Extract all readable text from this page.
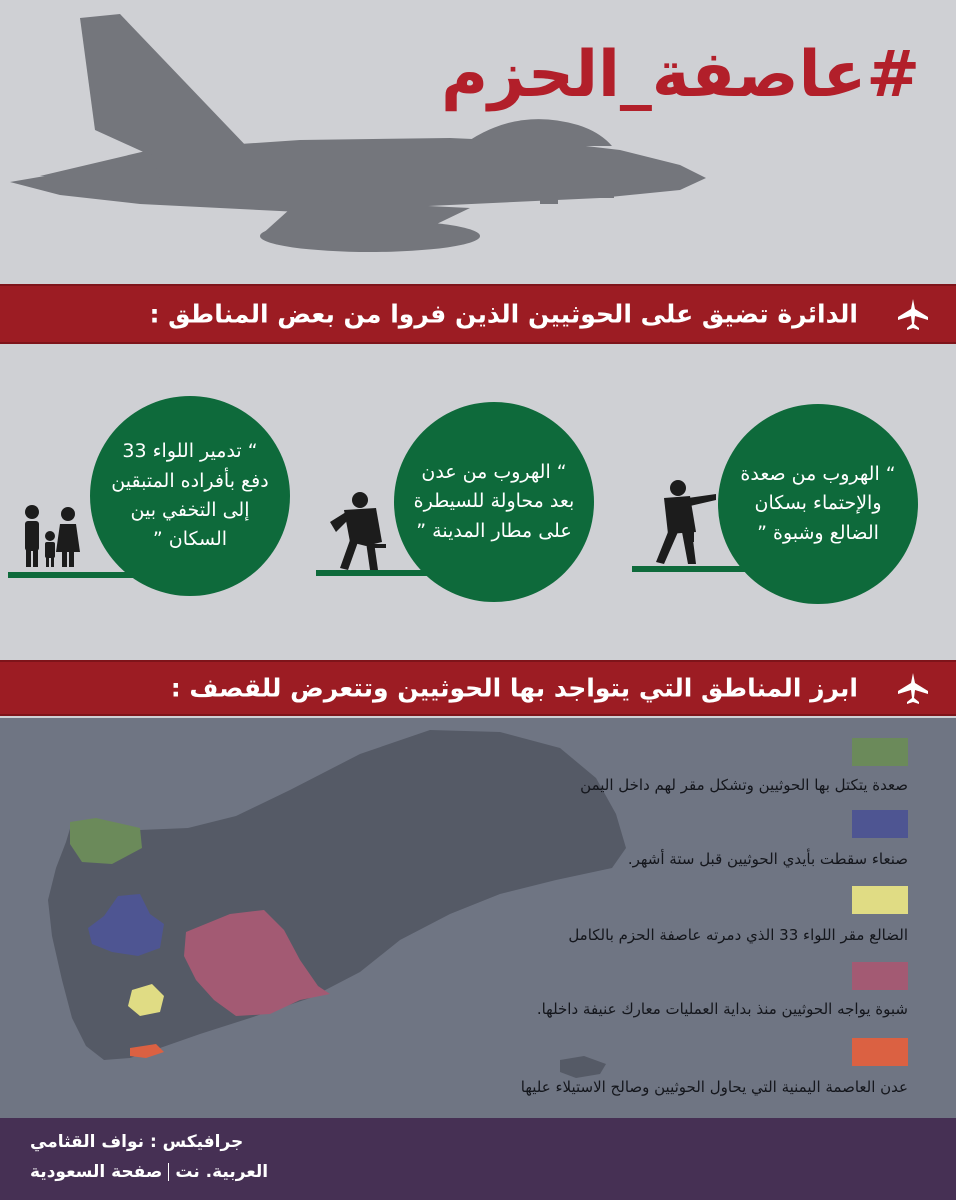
#عاصفة_الحزم
الدائرة تضيق على الحوثيين الذين فروا من بعض المناطق :
“ الهروب من صعدة
والإحتماء بسكان
الضالع وشبوة ”
“ الهروب من عدن
بعد محاولة للسيطرة
على مطار المدينة ”
“ تدمير اللواء 33
دفع بأفراده المتبقين
إلى التخفي بين السكان ”
ابرز المناطق التي يتواجد بها الحوثيين وتتعرض للقصف :
صعدة يتكتل بها الحوثيين وتشكل مقر لهم داخل اليمن
صنعاء سقطت بأيدي الحوثيين قبل ستة أشهر.
الضالع مقر اللواء 33 الذي دمرته عاصفة الحزم بالكامل
شبوة يواجه الحوثيين منذ بداية العمليات معارك عنيفة داخلها.
عدن العاصمة اليمنية التي يحاول الحوثيين وصالح الاستيلاء عليها
جرافيكس : نواف القثامي
العربية. نتصفحة السعودية
